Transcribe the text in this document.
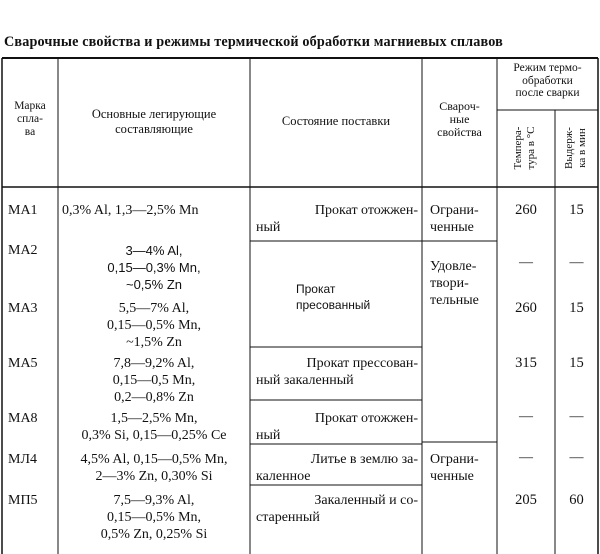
Сварочные свойства и режимы термической обработки магниевых сплавов
Марка
спла-
ва
Основные легирующие
составляющие
Состояние поставки
Свароч-
ные
свойства
Режим термо-
обработки
после сварки
Темпера- тура в °С Выдерж- ка в мин
МА1
МА2
МА3
МА5
МА8
МЛ4
МП5
0,3% Al, 1,3—2,5% Mn
3—4% Al,
0,15—0,3% Mn,
~0,5% Zn
5,5—7% Al,
0,15—0,5% Mn,
~1,5% Zn
7,8—9,2% Al,
0,15—0,5 Mn,
0,2—0,8% Zn
1,5—2,5% Mn,
0,3% Si, 0,15—0,25% Ce
4,5% Al, 0,15—0,5% Mn,
2—3% Zn, 0,30% Si
7,5—9,3% Al,
0,15—0,5% Mn,
0,5% Zn, 0,25% Si
Прокат отожжен-
ный
Прокат
пресованный
Прокат прессован-
ный закаленный
Прокат отожжен-
ный
Литье в землю за-
каленное
Закаленный и со-
старенный
Ограни-
ченные
Удовле-
твори-
тельные
Ограни-
ченные
260
—
260
315
—
—
205
15
—
15
15
—
—
60
